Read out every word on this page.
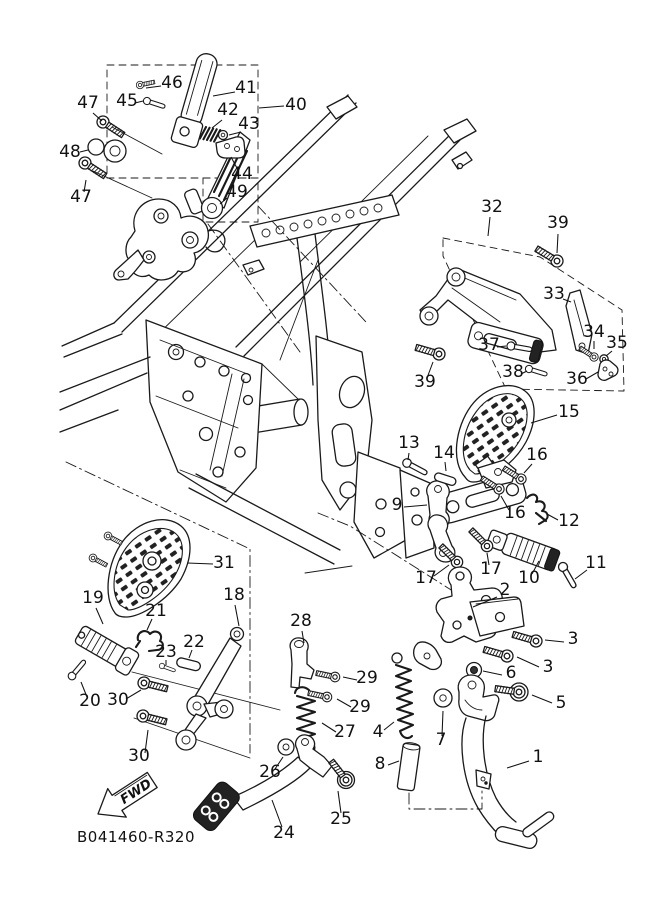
FWD
B041460-R320
46	41
40
47 45	42
43
48
44
47	49
32
39
33
34
35
37
38 36
39
15
13 14	16
9	16 12
17	17 10
11
31
19	18
21
2
22
23
28
3
3
29	6
20 30	29	5
27 4	7
30	1
8
26
25
24
